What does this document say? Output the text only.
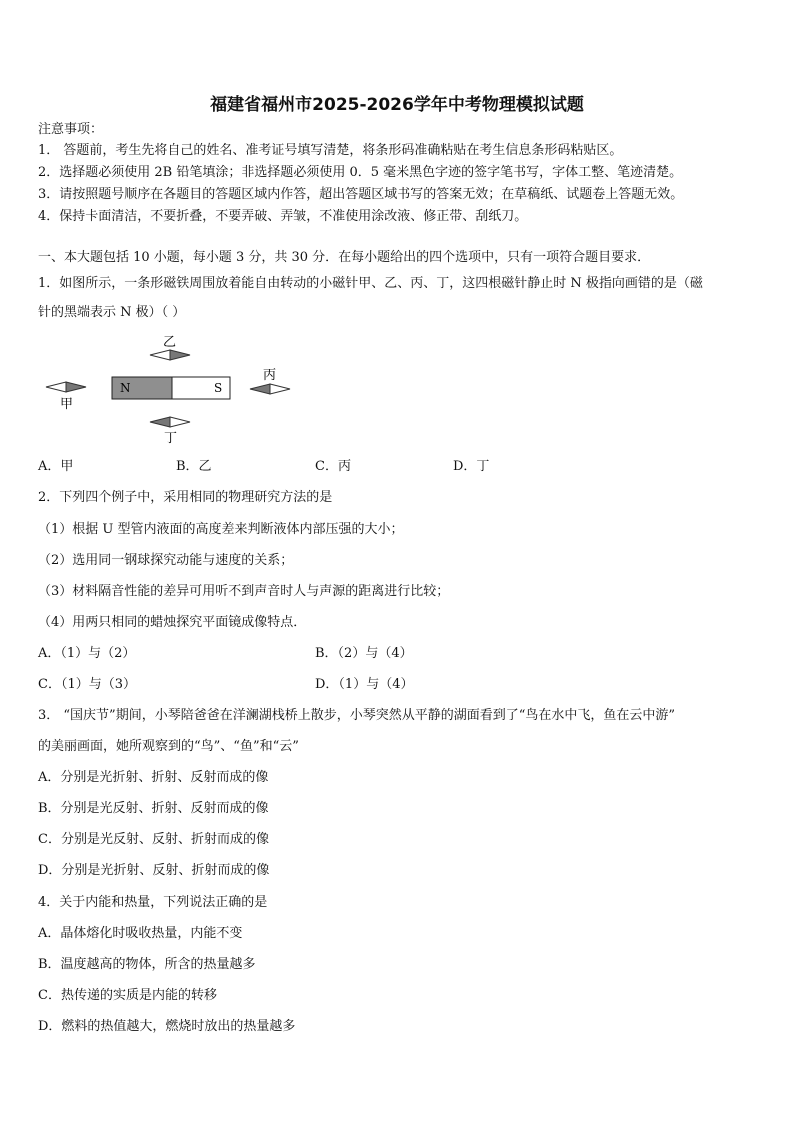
福建省福州市2025-2026学年中考物理模拟试题
注意事项：
1． 答题前，考生先将自己的姓名、准考证号填写清楚，将条形码准确粘贴在考生信息条形码粘贴区。
2．选择题必须使用 2B 铅笔填涂；非选择题必须使用 0．5 毫米黑色字迹的签字笔书写，字体工整、笔迹清楚。
3．请按照题号顺序在各题目的答题区域内作答，超出答题区域书写的答案无效；在草稿纸、试题卷上答题无效。
4．保持卡面清洁，不要折叠，不要弄破、弄皱，不准使用涂改液、修正带、刮纸刀。
一、本大题包括 10 小题，每小题 3 分，共 30 分．在每小题给出的四个选项中，只有一项符合题目要求．
1．如图所示，一条形磁铁周围放着能自由转动的小磁针甲、乙、丙、丁，这四根磁针静止时 N 极指向画错的是（磁
针的黑端表示 N 极）（ ）
乙
N	S
甲
丙
丁
A．甲	B．乙	C．丙	D．丁
2．下列四个例子中，采用相同的物理研究方法的是
（1）根据 U 型管内液面的高度差来判断液体内部压强的大小；
（2）选用同一钢球探究动能与速度的关系；
（3）材料隔音性能的差异可用听不到声音时人与声源的距离进行比较；
（4）用两只相同的蜡烛探究平面镜成像特点．
A．（1）与（2）	B．（2）与（4）
C．（1）与（3）	D．（1）与（4）
3． “国庆节”期间，小琴陪爸爸在洋澜湖栈桥上散步，小琴突然从平静的湖面看到了“鸟在水中飞，鱼在云中游”
的美丽画面，她所观察到的“鸟”、“鱼”和“云”
A．分别是光折射、折射、反射而成的像
B．分别是光反射、折射、反射而成的像
C．分别是光反射、反射、折射而成的像
D．分别是光折射、反射、折射而成的像
4．关于内能和热量，下列说法正确的是
A．晶体熔化时吸收热量，内能不变
B．温度越高的物体，所含的热量越多
C．热传递的实质是内能的转移
D．燃料的热值越大，燃烧时放出的热量越多
